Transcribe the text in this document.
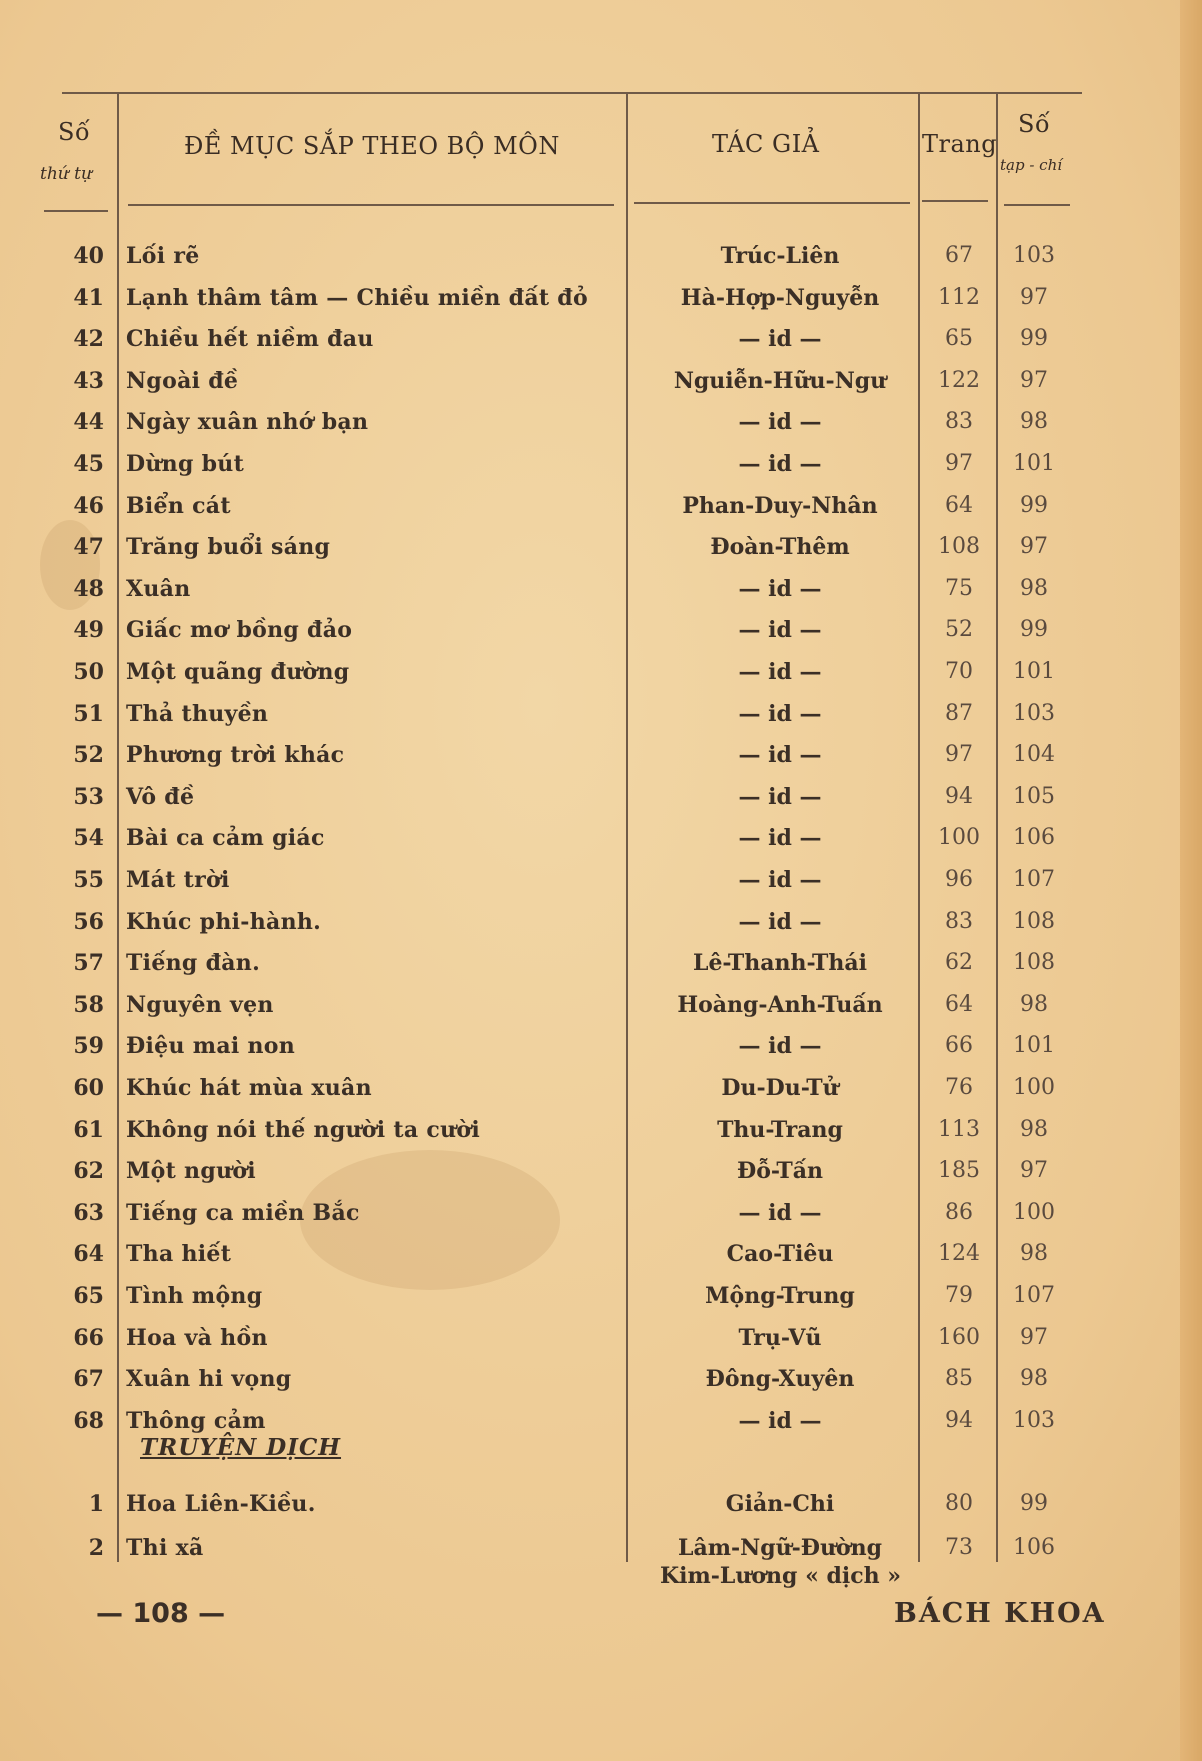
Số
thứ tự
ĐỀ MỤC SẮP THEO BỘ MÔN	TÁC GIẢ	Trang
Số
tạp - chí
40 Lối rẽ	Trúc-Liên	67	103
41 Lạnh thâm tâm — Chiều miền đất đỏ	Hà-Hợp-Nguyễn	112	97
42 Chiều hết niềm đau	— id —	65	99
43 Ngoài đề	Nguiễn-Hữu-Ngư	122	97
44 Ngày xuân nhớ bạn	— id —	83	98
45 Dừng bút	— id —	97	101
46 Biển cát	Phan-Duy-Nhân	64	99
47 Trăng buổi sáng	Đoàn-Thêm	108	97
48 Xuân	— id —	75	98
49 Giấc mơ bồng đảo	— id —	52	99
50 Một quãng đường	— id —	70	101
51 Thả thuyền	— id —	87	103
52 Phương trời khác	— id —	97	104
53 Vô đề	— id —	94	105
54 Bài ca cảm giác	— id —	100	106
55 Mát trời	— id —	96	107
56 Khúc phi-hành.	— id —	83	108
57 Tiếng đàn.	Lê-Thanh-Thái	62	108
58 Nguyên vẹn	Hoàng-Anh-Tuấn	64	98
59 Điệu mai non	— id —	66	101
60 Khúc hát mùa xuân	Du-Du-Tử	76	100
61 Không nói thế người ta cười	Thu-Trang	113	98
62 Một người	Đỗ-Tấn	185	97
63 Tiếng ca miền Bắc	— id —	86	100
64 Tha hiết	Cao-Tiêu	124	98
65 Tình mộng	Mộng-Trung	79	107
66 Hoa và hồn	Trụ-Vũ	160	97
67 Xuân hi vọng	Đông-Xuyên	85	98
68 Thông cảm	— id —	94	103
TRUYỆN DỊCH
1 Hoa Liên-Kiều.	Giản-Chi	80	99
2 Thi xã	Lâm-Ngữ-Đường	73	106
Kim-Lương « dịch »
— 108 —	BÁCH KHOA
